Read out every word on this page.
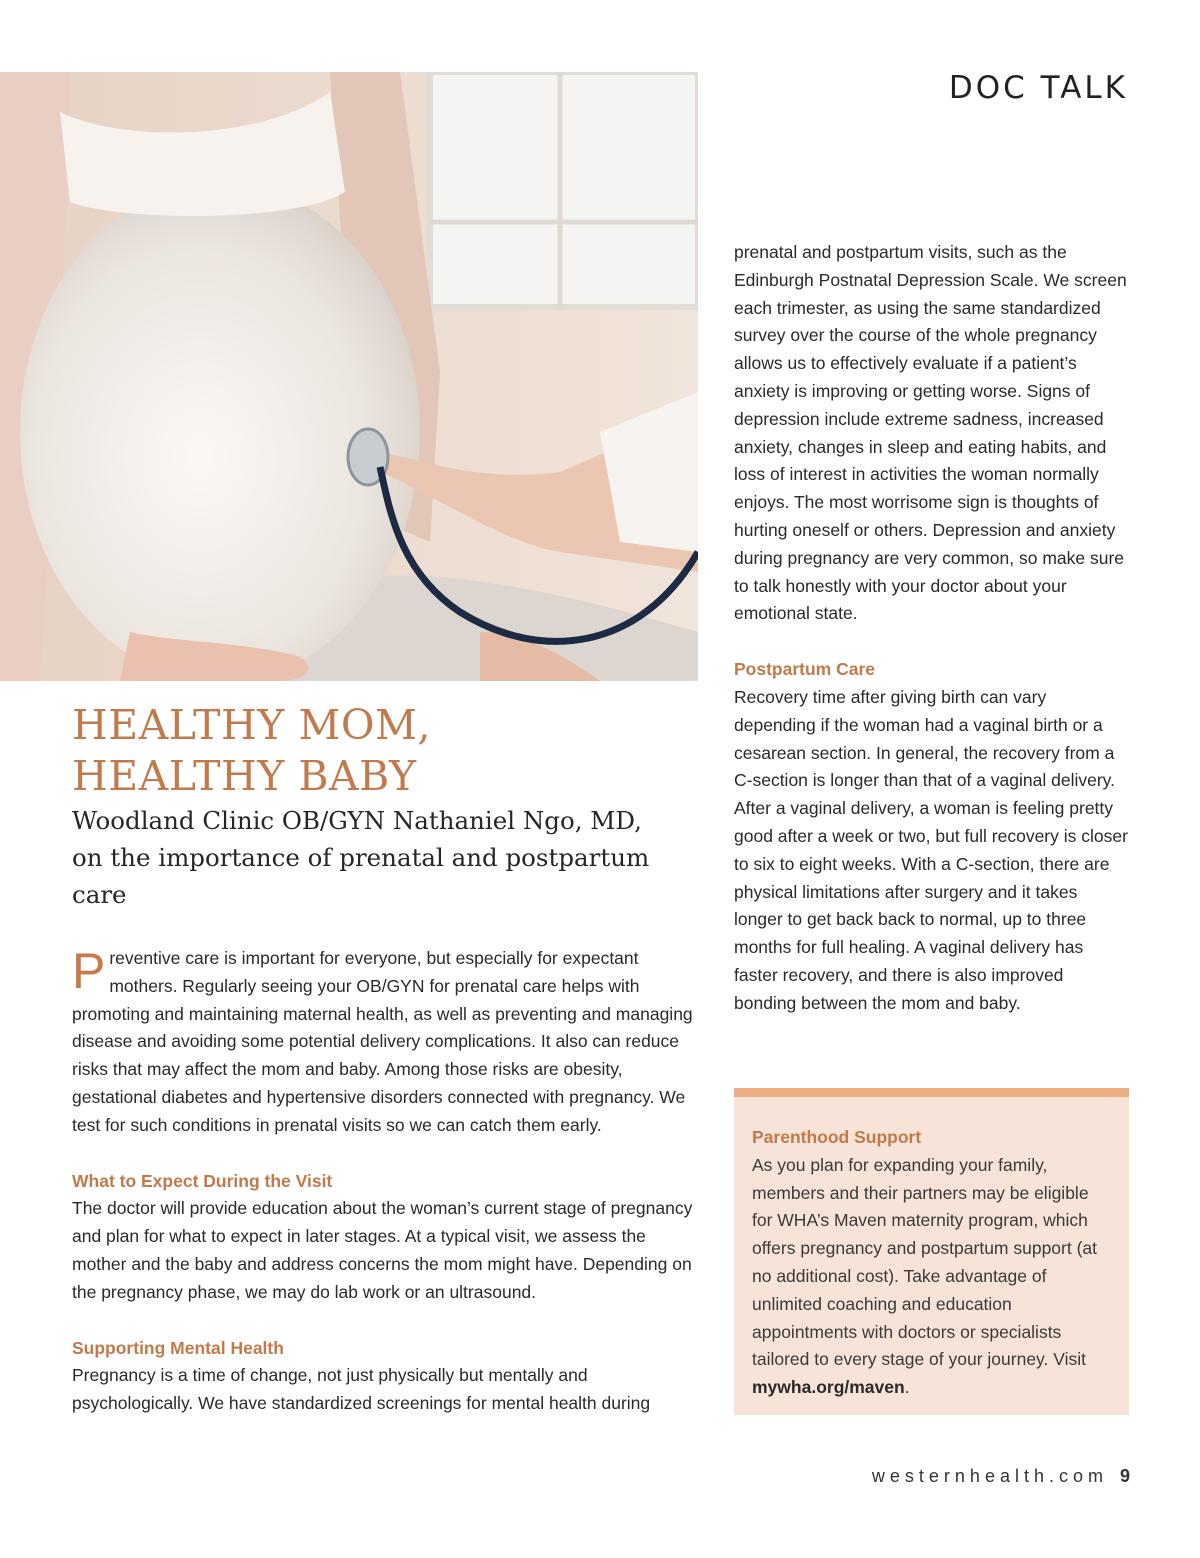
DOC TALK
HEALTHY MOM,
HEALTHY BABY
Woodland Clinic OB/GYN Nathaniel Ngo, MD, on the importance of prenatal and postpartum care

Preventive care is important for everyone, but especially for expectant mothers. Regularly seeing your OB/GYN for prenatal care helps with promoting and maintaining maternal health, as well as preventing and managing disease and avoiding some potential delivery complications. It also can reduce risks that may affect the mom and baby. Among those risks are obesity, gestational diabetes and hypertensive disorders connected with pregnancy. We test for such conditions in prenatal visits so we can catch them early.

What to Expect During the Visit

The doctor will provide education about the woman’s current stage of pregnancy and plan for what to expect in later stages. At a typical visit, we assess the mother and the baby and address concerns the mom might have. Depending on the pregnancy phase, we may do lab work or an ultrasound.

Supporting Mental Health

Pregnancy is a time of change, not just physically but mentally and psychologically. We have standardized screenings for mental health during

prenatal and postpartum visits, such as the Edinburgh Postnatal Depression Scale. We screen each trimester, as using the same standardized survey over the course of the whole pregnancy allows us to effectively evaluate if a patient’s anxiety is improving or getting worse. Signs of depression include extreme sadness, increased anxiety, changes in sleep and eating habits, and loss of interest in activities the woman normally enjoys. The most worrisome sign is thoughts of hurting oneself or others. Depression and anxiety during pregnancy are very common, so make sure to talk honestly with your doctor about your emotional state.

Postpartum Care

Recovery time after giving birth can vary depending if the woman had a vaginal birth or a cesarean section. In general, the recovery from a C-section is longer than that of a vaginal delivery. After a vaginal delivery, a woman is feeling pretty good after a week or two, but full recovery is closer to six to eight weeks. With a C-section, there are physical limitations after surgery and it takes longer to get back back to normal, up to three months for full healing. A vaginal delivery has faster recovery, and there is also improved bonding between the mom and baby.

Parenthood Support

As you plan for expanding your family, members and their partners may be eligible for WHA’s Maven maternity program, which offers pregnancy and postpartum support (at no additional cost). Take advantage of unlimited coaching and education appointments with doctors or specialists tailored to every stage of your journey. Visit mywha.org/maven.

westernhealth.com 9
